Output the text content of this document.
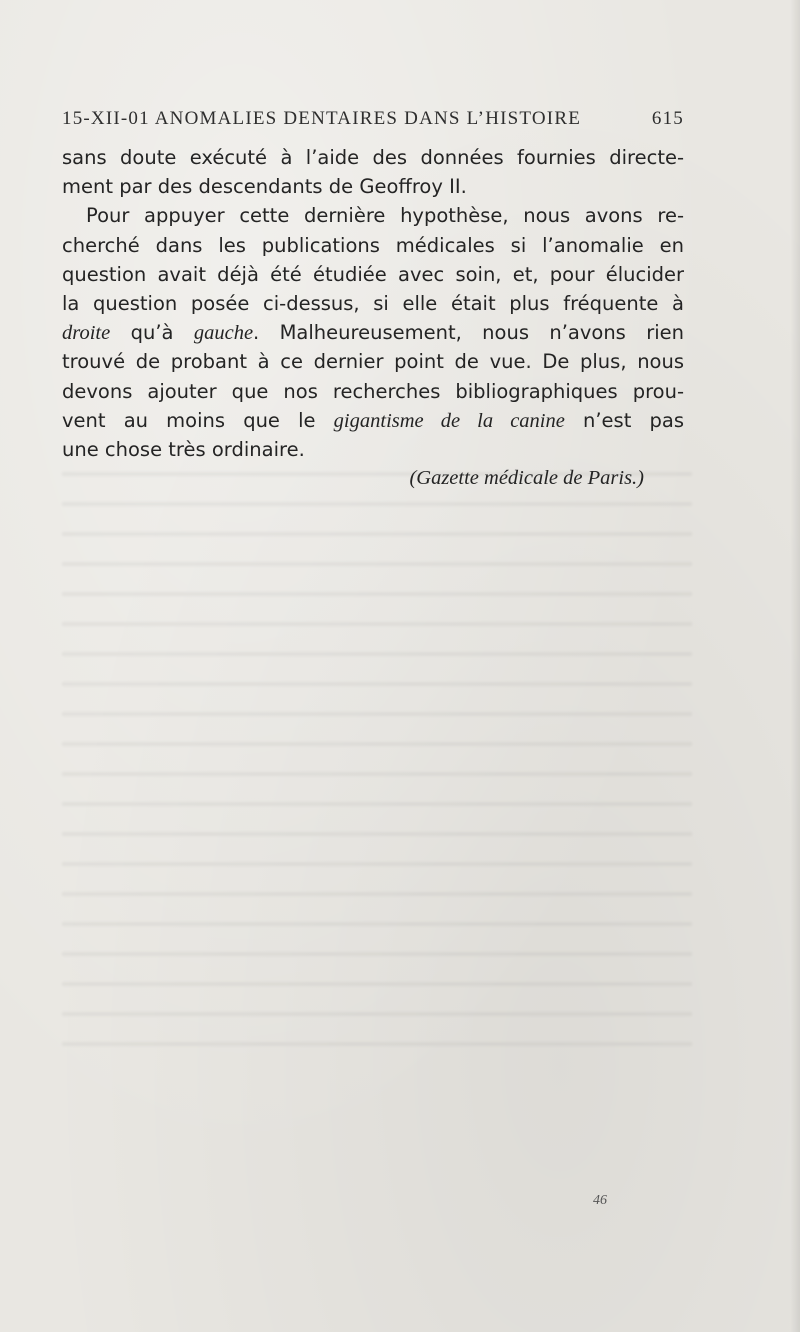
15-XII-01 ANOMALIES DENTAIRES DANS L’HISTOIRE	615
sans doute exécuté à l’aide des données fournies directe-
ment par des descendants de Geoffroy II.
Pour appuyer cette dernière hypothèse, nous avons re-
cherché dans les publications médicales si l’anomalie en
question avait déjà été étudiée avec soin, et, pour élucider
la question posée ci-dessus, si elle était plus fréquente à
droite qu’à gauche. Malheureusement, nous n’avons rien
trouvé de probant à ce dernier point de vue. De plus, nous
devons ajouter que nos recherches bibliographiques prou-
vent au moins que le gigantisme de la canine n’est pas
une chose très ordinaire.
(Gazette médicale de Paris.)
46
